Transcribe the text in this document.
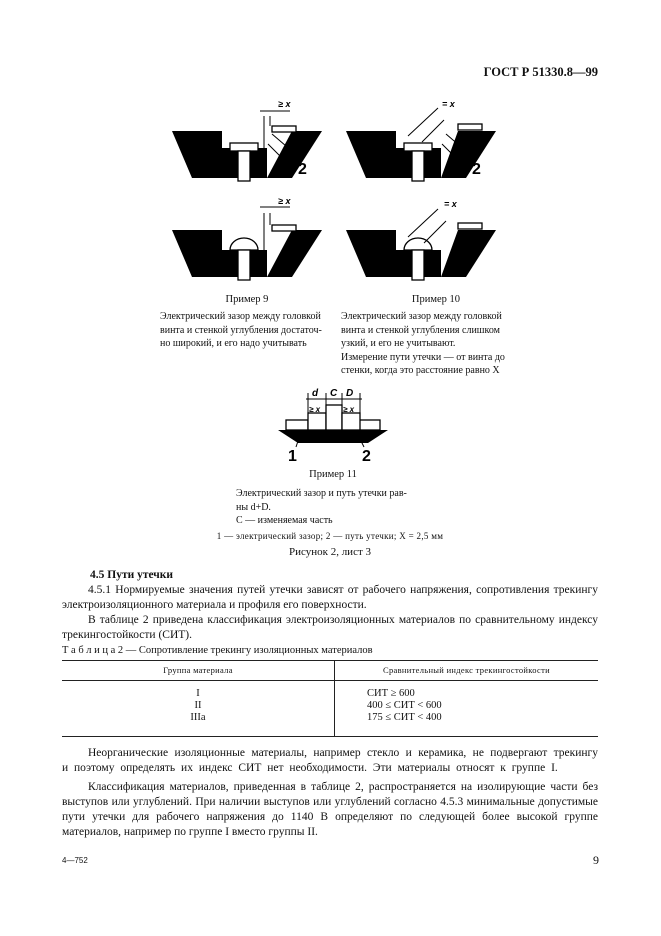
ГОСТ Р 51330.8—99
≥ x
1 2
≥ x
= x
1 2
= x
Пример 9

Электрический зазор между головкой

винта и стенкой углубления достаточ-

но широкий, и его надо учитывать

Пример 10

Электрический зазор между головкой

винта и стенкой углубления слишком

узкий, и его не учитывают.

Измерение пути утечки — от винта до

стенки, когда это расстояние равно X

d C D
≥ x	≥ x
1	2
Пример 11

Электрический зазор и путь утечки рав-

ны d+D.

C — изменяемая часть

1 — электрический зазор; 2 — путь утечки; X = 2,5 мм
Рисунок 2, лист 3
4.5 Пути утечки

4.5.1 Нормируемые значения путей утечки зависят от рабочего напряжения, сопротивления трекингу электроизоляционного материала и профиля его поверхности.

В таблице 2 приведена классификация электроизоляционных материалов по сравнительному индексу трекингостойкости (СИТ).

Т а б л и ц а 2 — Сопротивление трекингу изоляционных материалов
Группа материала	Сравнительный индекс трекингостойкости
I	СИТ ≥ 600
II	400 ≤ СИТ < 600
IIIa	175 ≤ СИТ < 400

Неорганические изоляционные материалы, например стекло и керамика, не подвергают трекингу и поэтому определять их индекс СИТ нет необходимости. Эти материалы относят к группе I.

Классификация материалов, приведенная в таблице 2, распространяется на изолирующие части без выступов или углублений. При наличии выступов или углублений согласно 4.5.3 минимальные допустимые пути утечки для рабочего напряжения до 1140 В определяют по следующей более высокой группе материалов, например по группе I вместо группы II.

4—752	9
